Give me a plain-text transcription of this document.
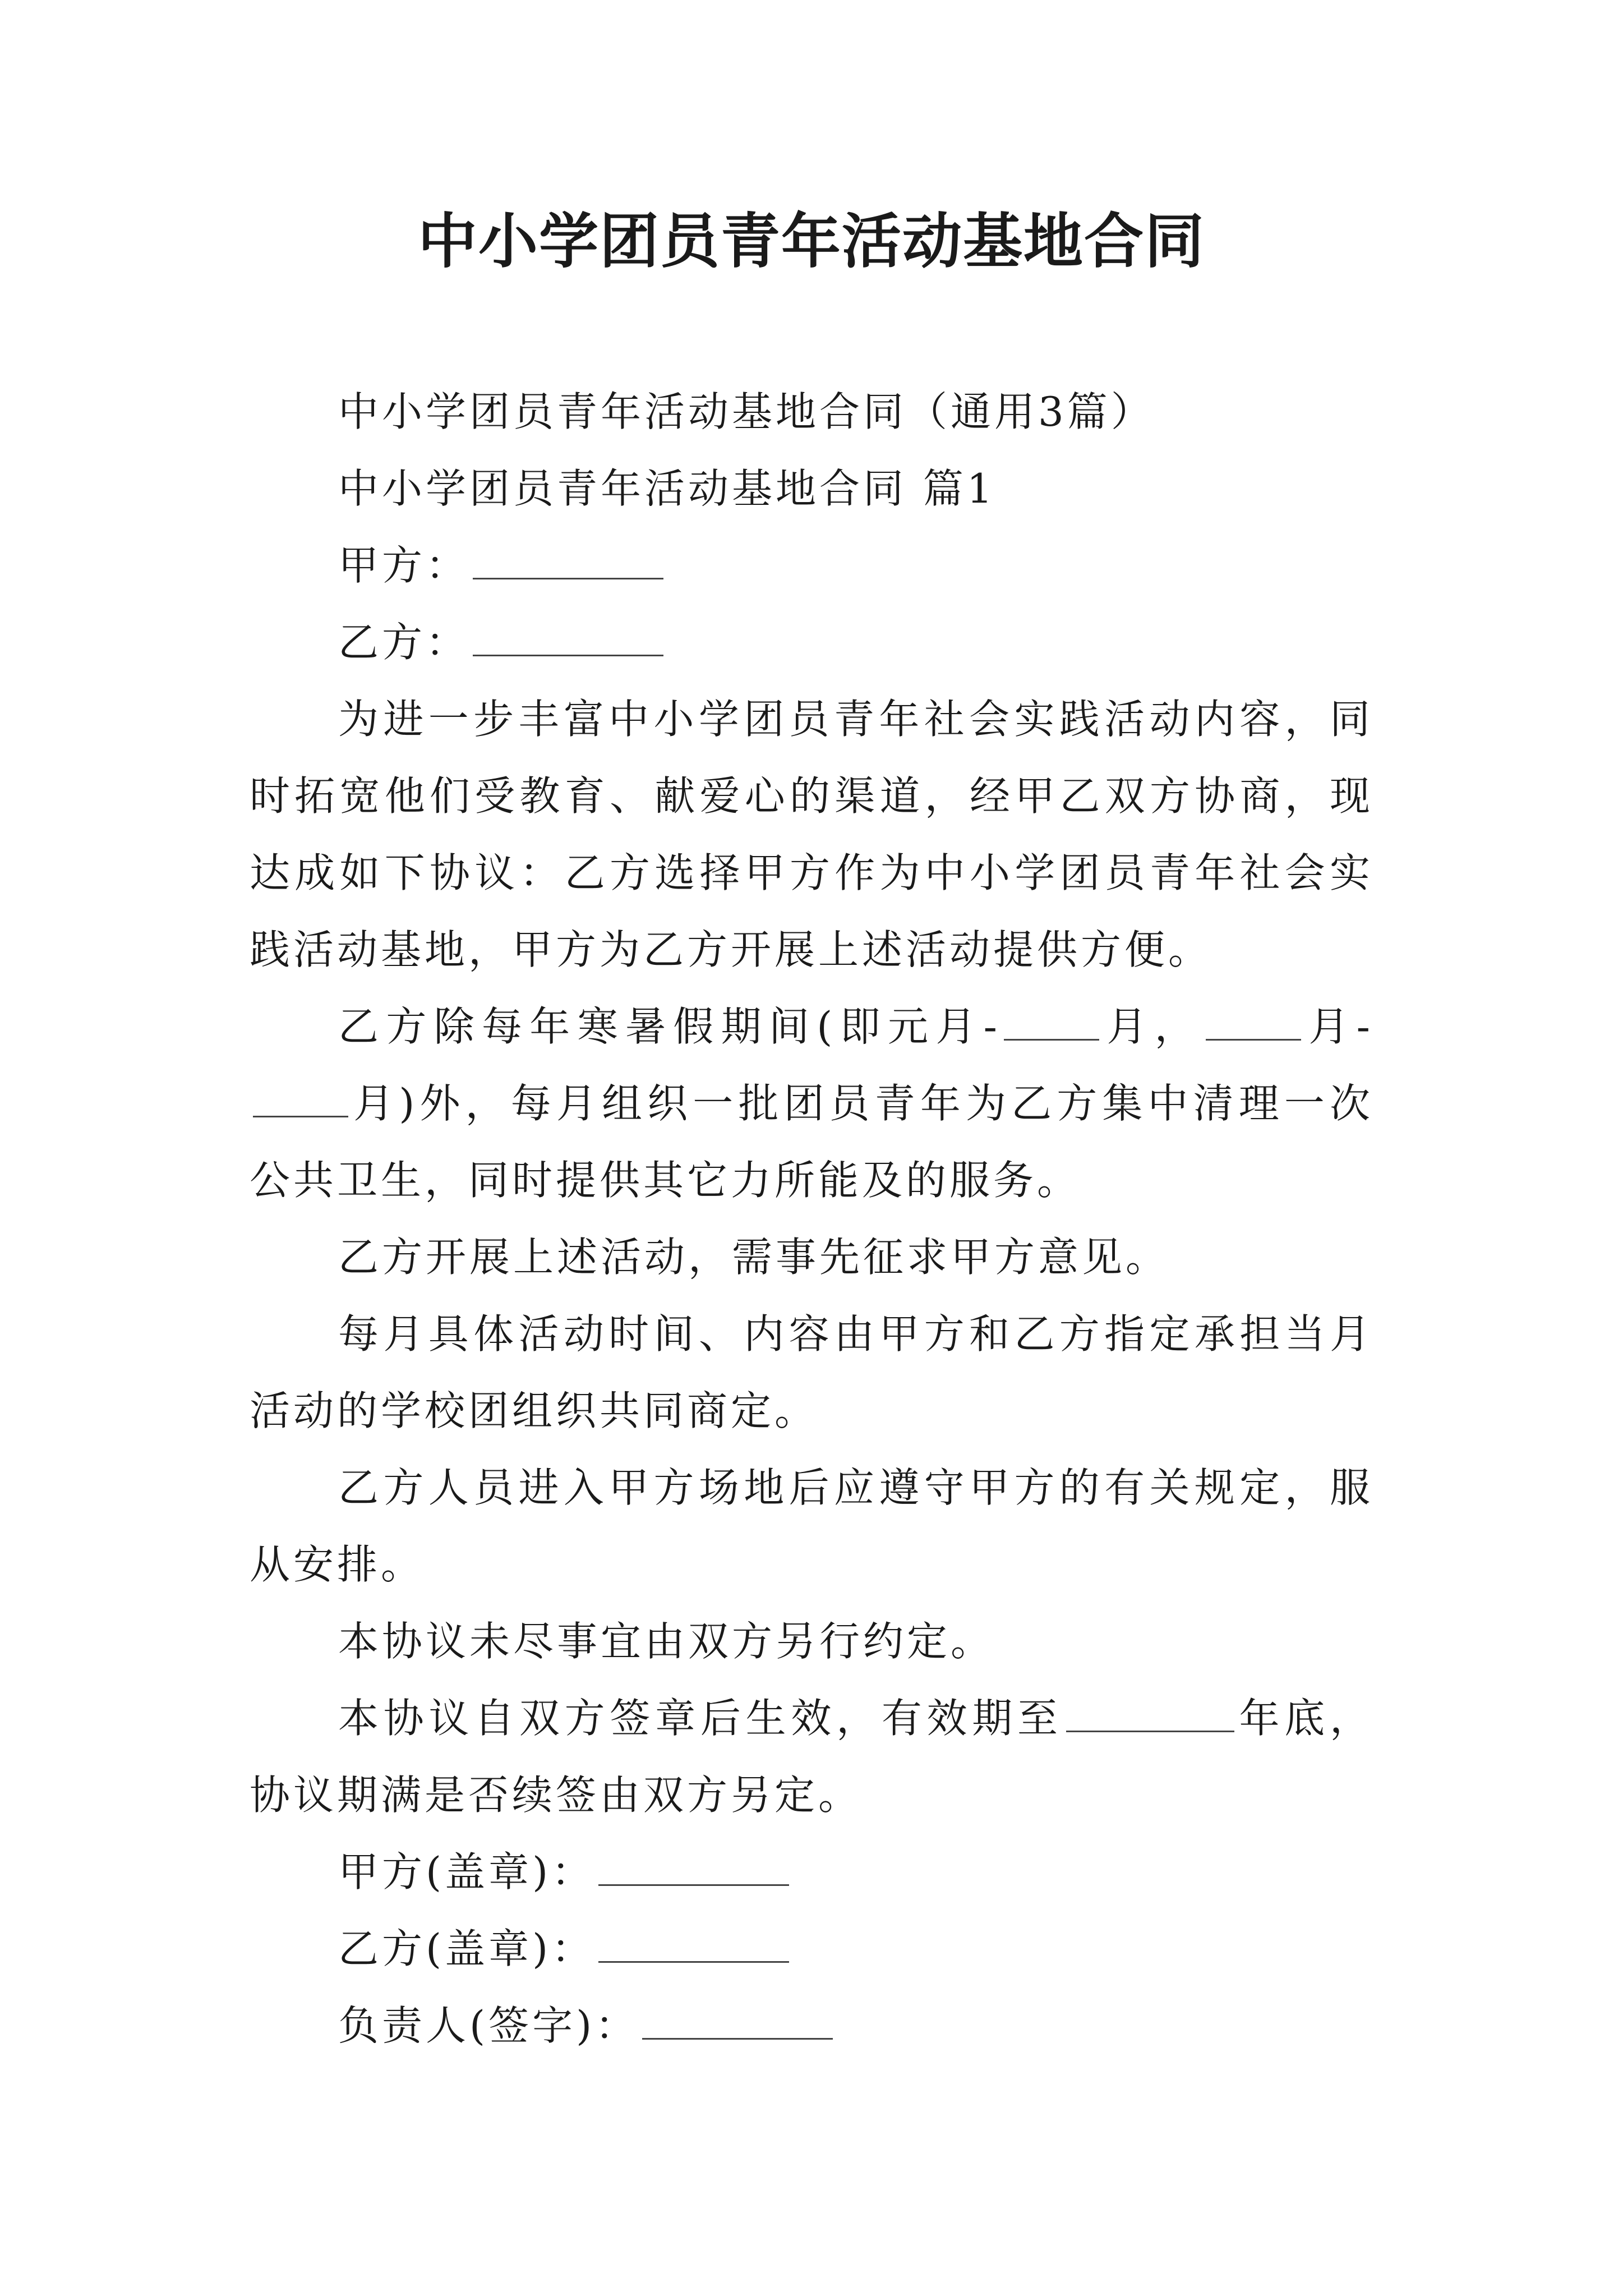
中小学团员青年活动基地合同

中小学团员青年活动基地合同（通用3篇）

中小学团员青年活动基地合同 篇1

甲方：

乙方：

为进一步丰富中小学团员青年社会实践活动内容，同时拓宽他们受教育、献爱心的渠道，经甲乙双方协商，现达成如下协议：乙方选择甲方作为中小学团员青年社会实践活动基地，甲方为乙方开展上述活动提供方便。

乙方除每年寒暑假期间(即元月-	月，	月-月)外，每月组织一批团员青年为乙方集中清理一次公共卫生，同时提供其它力所能及的服务。

乙方开展上述活动，需事先征求甲方意见。

每月具体活动时间、内容由甲方和乙方指定承担当月活动的学校团组织共同商定。

乙方人员进入甲方场地后应遵守甲方的有关规定，服从安排。

本协议未尽事宜由双方另行约定。

本协议自双方签章后生效，有效期至	年底，协议期满是否续签由双方另定。

甲方(盖章)：

乙方(盖章)：

负责人(签字)：
